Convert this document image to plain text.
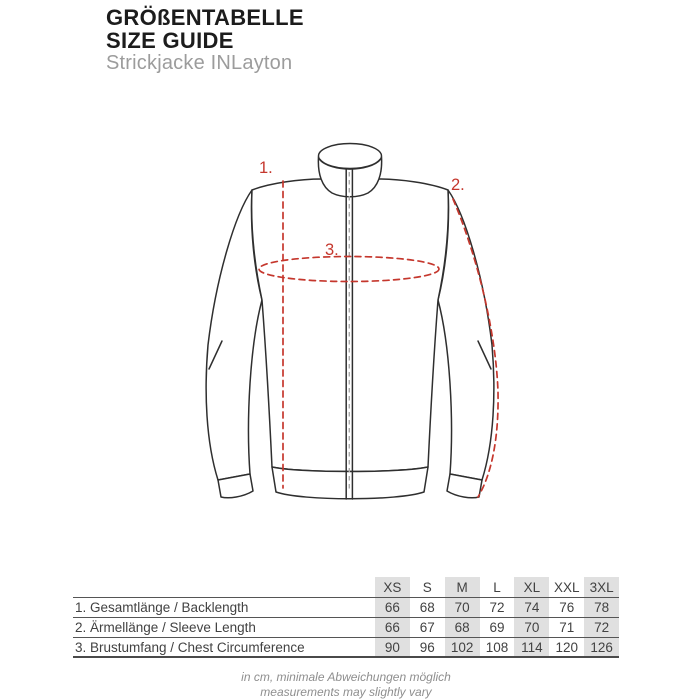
GRÖßENTABELLE
SIZE GUIDE
Strickjacke INLayton
1.
2.
3.
XS	S	M	L	XL	XXL 3XL
1. Gesamtlänge / Backlength	66	68	70	72	74	76	78
2. Ärmellänge / Sleeve Length	66	67	68	69	70	71	72
3. Brustumfang / Chest Circumference	90	96	102 108 114 120 126
in cm, minimale Abweichungen möglich
measurements may slightly vary
